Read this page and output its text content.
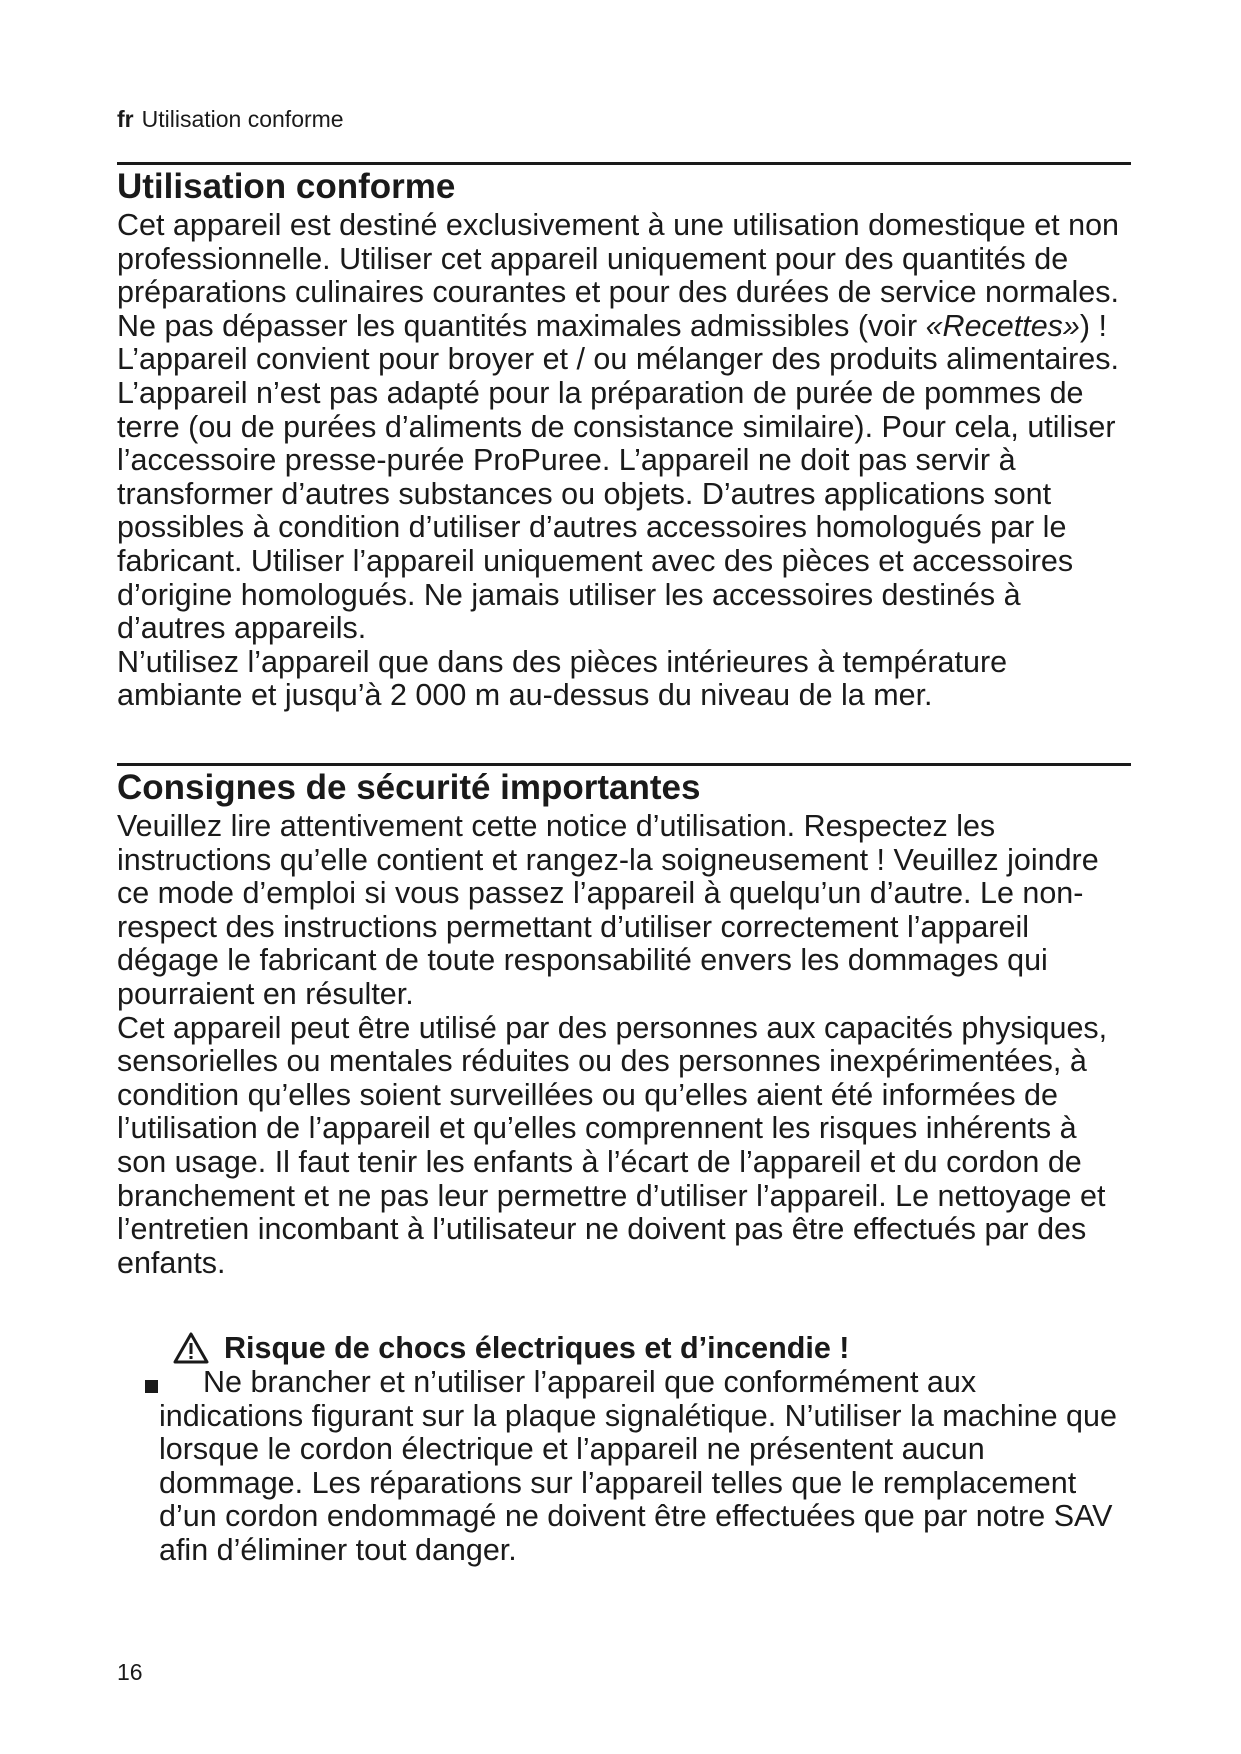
fr Utilisation conforme
Utilisation conforme

Cet appareil est destiné exclusivement à une utilisation domestique et non professionnelle. Utiliser cet appareil uniquement pour des quantités de préparations culinaires courantes et pour des durées de service normales. Ne pas dépasser les quantités maximales admissibles (voir «Recettes») ! L’appareil convient pour broyer et / ou mélanger des produits alimentaires. L’appareil n’est pas adapté pour la préparation de purée de pommes de terre (ou de purées d’aliments de consistance similaire). Pour cela, utiliser l’accessoire presse-purée ProPuree. L’appareil ne doit pas servir à transformer d’autres substances ou objets. D’autres applications sont possibles à condition d’utiliser d’autres accessoires homologués par le fabricant. Utiliser l’appareil uniquement avec des pièces et accessoires d’origine homologués. Ne jamais utiliser les accessoires destinés à d’autres appareils.

N’utilisez l’appareil que dans des pièces intérieures à température ambiante et jusqu’à 2 000 m au-dessus du niveau de la mer.

Consignes de sécurité importantes

Veuillez lire attentivement cette notice d’utilisation. Respectez les instructions qu’elle contient et rangez-la soigneusement ! Veuillez joindre ce mode d’emploi si vous passez l’appareil à quelqu’un d’autre. Le non-respect des instructions permettant d’utiliser correctement l’appareil dégage le fabricant de toute responsabilité envers les dommages qui pourraient en résulter.

Cet appareil peut être utilisé par des personnes aux capacités physiques, sensorielles ou mentales réduites ou des personnes inexpérimentées, à condition qu’elles soient surveillées ou qu’elles aient été informées de l’utilisation de l’appareil et qu’elles comprennent les risques inhérents à son usage. Il faut tenir les enfants à l’écart de l’appareil et du cordon de branchement et ne pas leur permettre d’utiliser l’appareil. Le nettoyage et l’entretien incombant à l’utilisateur ne doivent pas être effectués par des enfants.

Risque de chocs électriques et d’incendie !
Ne brancher et n’utiliser l’appareil que conformément aux
indications figurant sur la plaque signalétique. N’utiliser la machine que lorsque le cordon électrique et l’appareil ne présentent aucun dommage. Les réparations sur l’appareil telles que le remplacement d’un cordon endommagé ne doivent être effectuées que par notre SAV afin d’éliminer tout danger.
16
